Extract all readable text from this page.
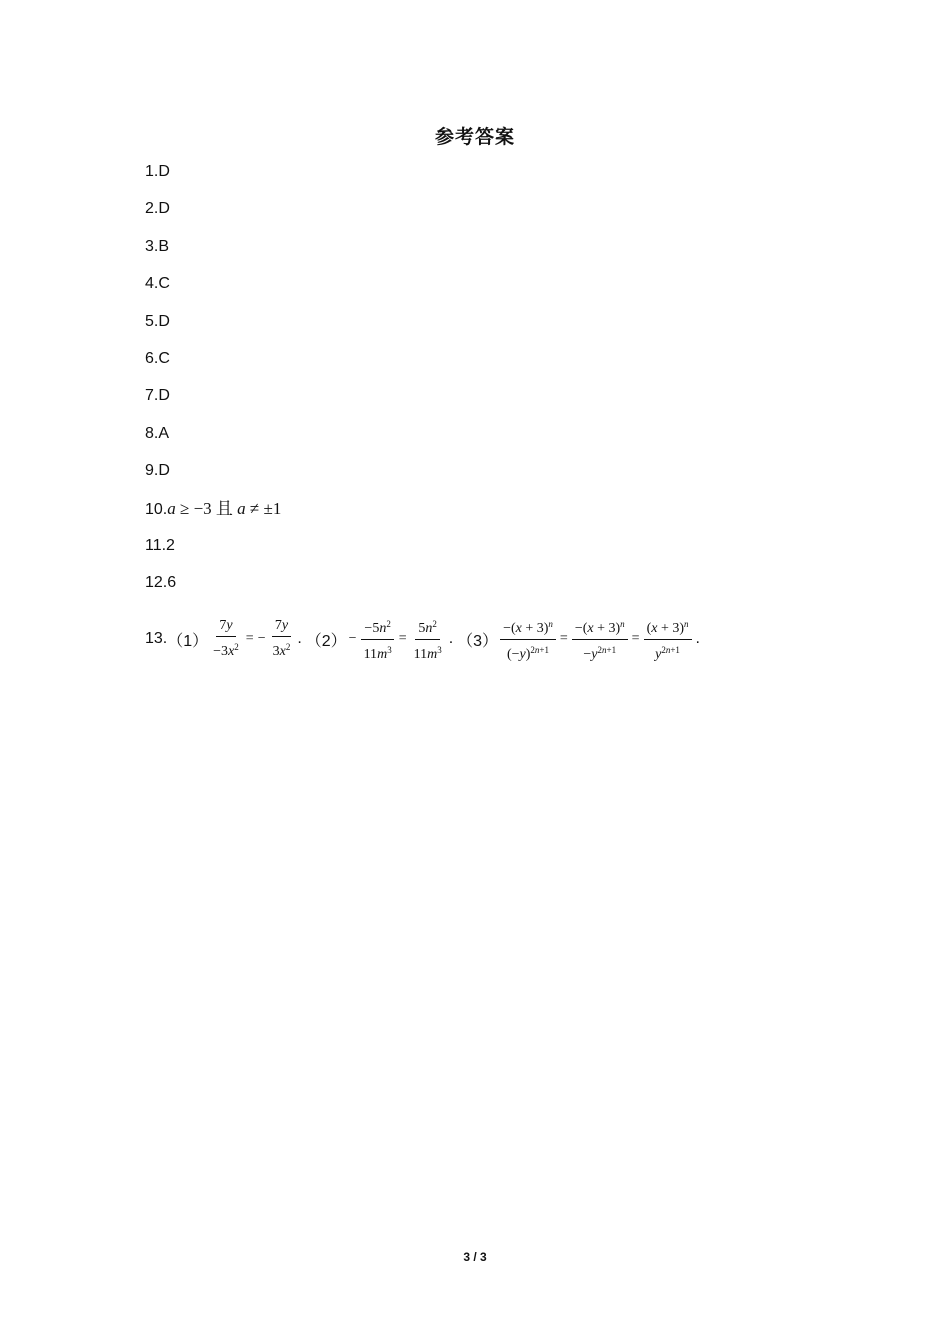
参考答案
1.D
2.D
3.B
4.C
5.D
6.C
7.D
8.A
9.D
10.a ≥ −3 且 a ≠ ±1
11.2
12.6
13. $(1) \frac{7y}{-3x^2}$ = − $\frac{7y}{3x^2}$ . $(2) - \frac{-5n^2}{11m^3} = \frac{5n^2}{11m^3}$ . $(3) \frac{-(x + 3)^n}{(-y)^{2n+1}} = \frac{-(x + 3)^n}{-y^{2n+1}} = \frac{(x + 3)^n}{y^{2n+1}}$ .
3 / 3
